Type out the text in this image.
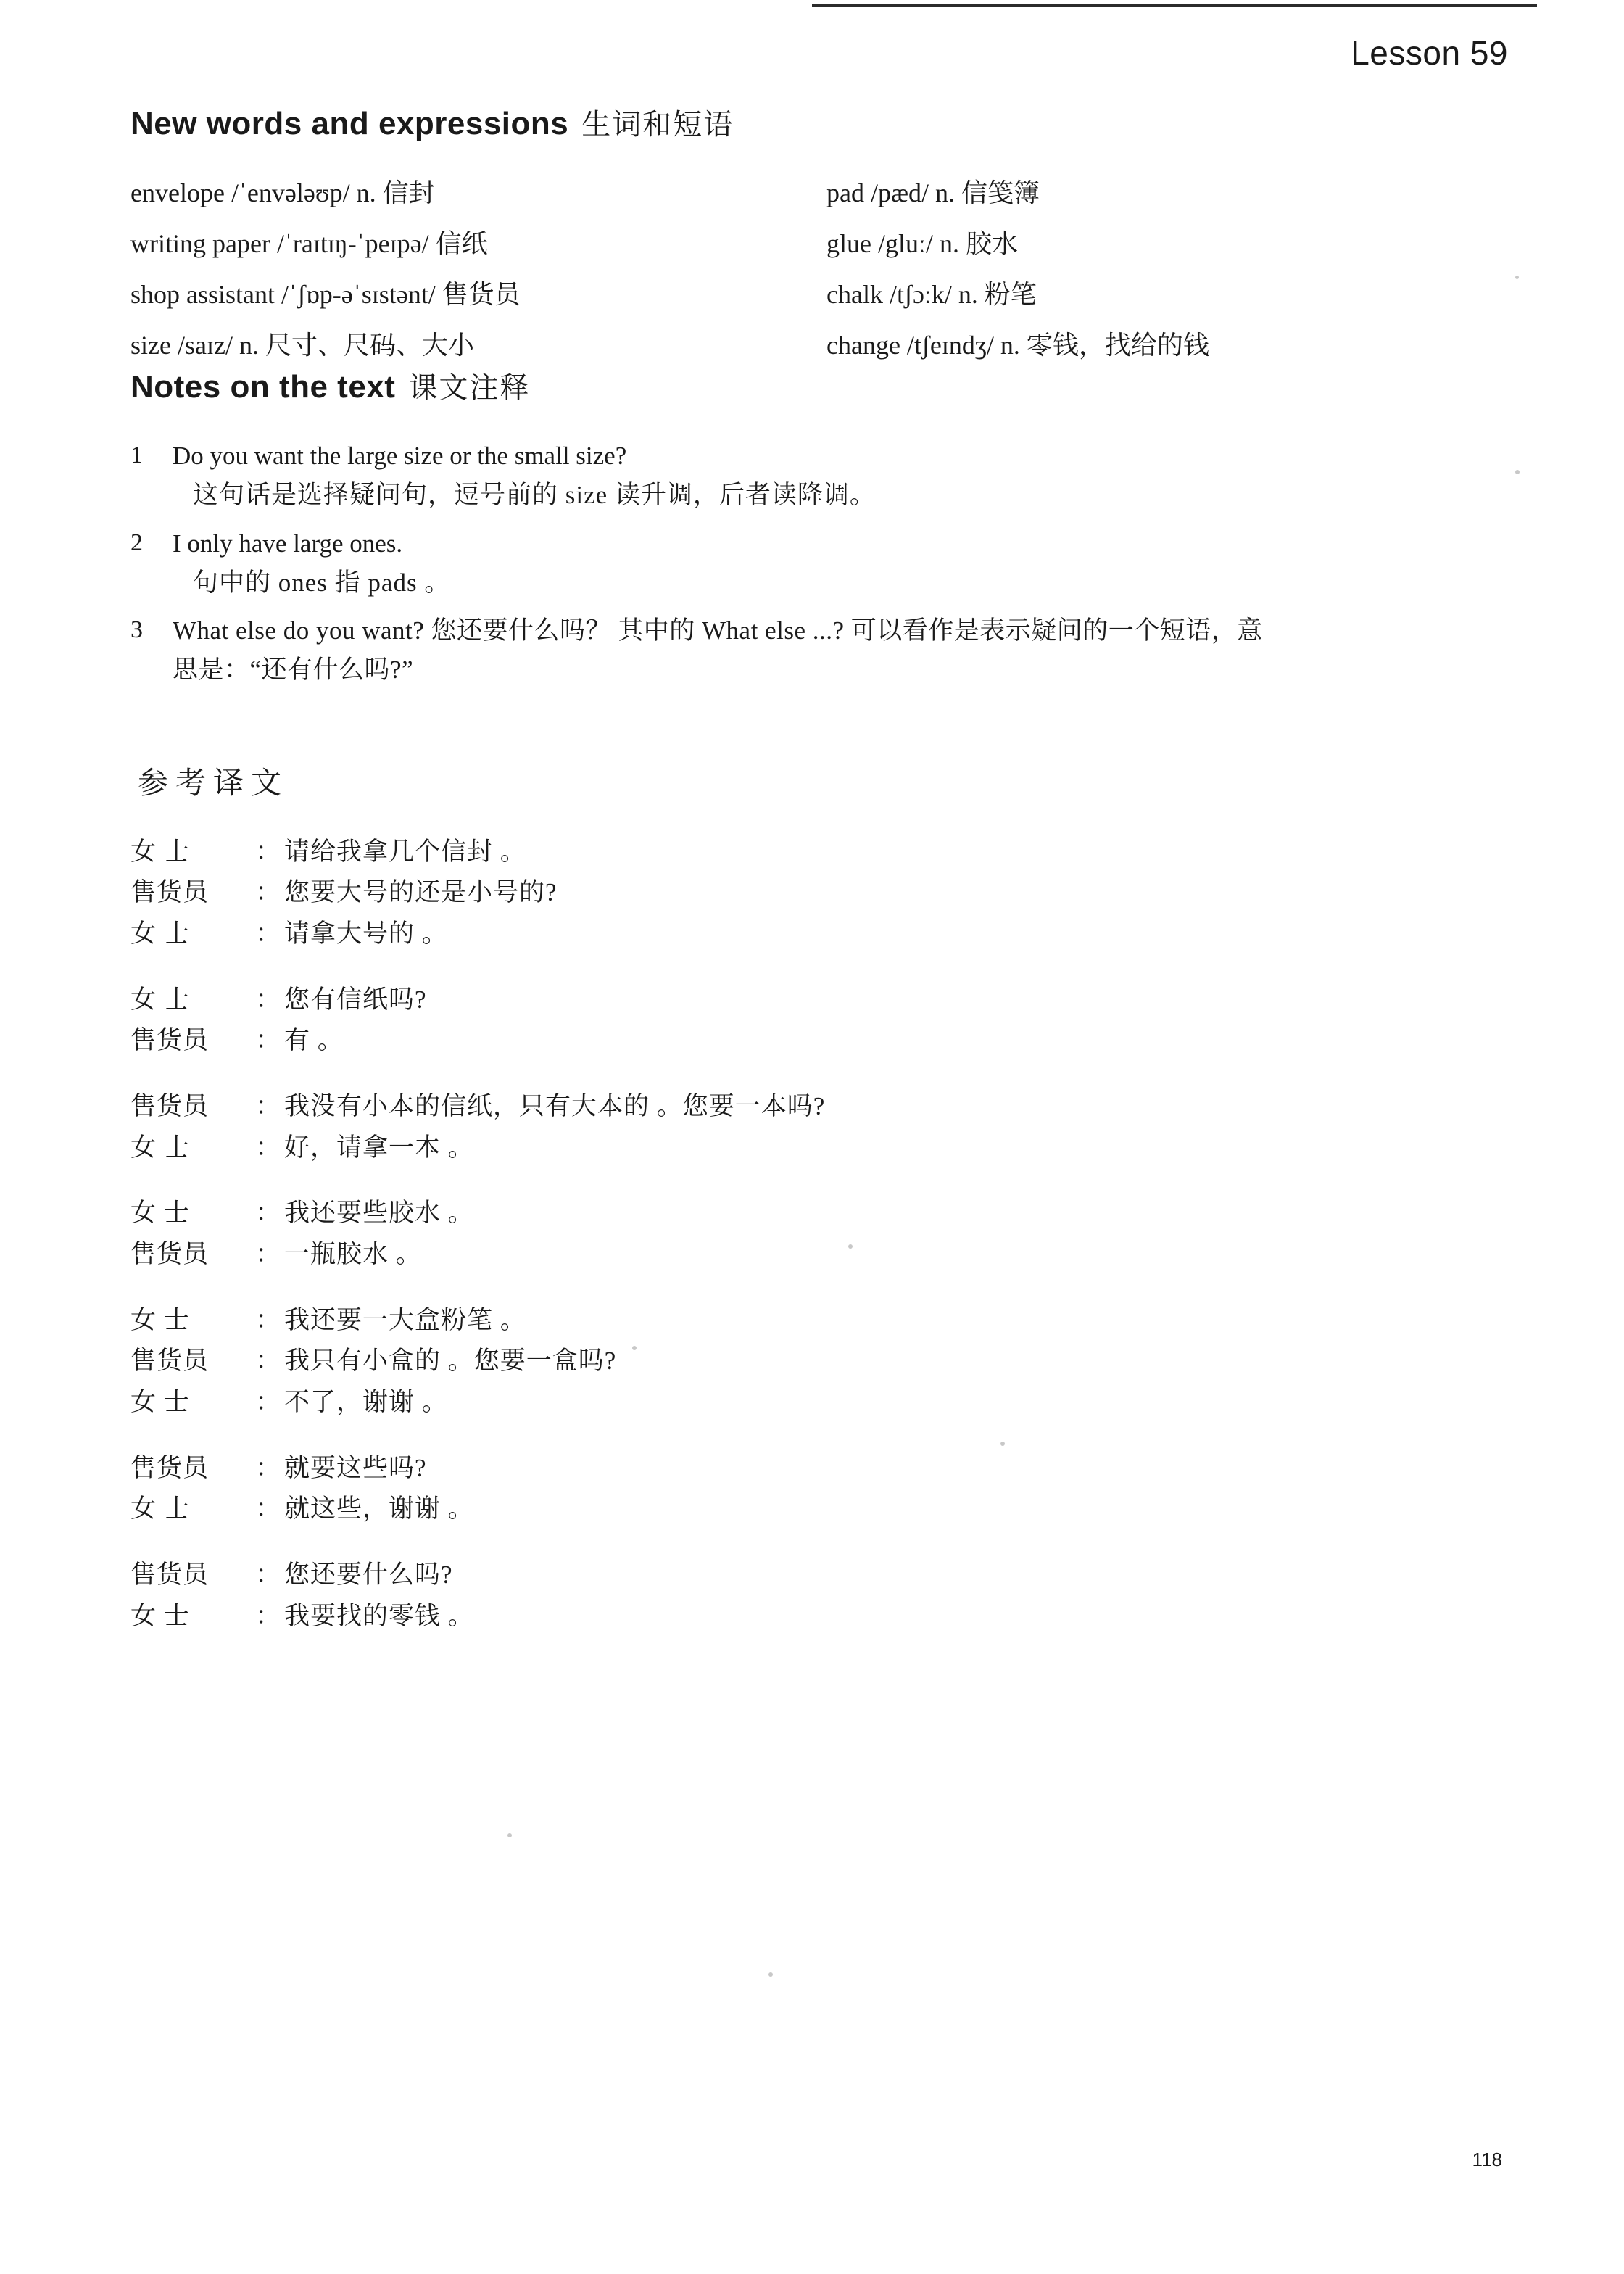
Lesson 59
New words and expressions 生词和短语
envelope /ˈenvələʊp/ n. 信封	pad /pæd/ n. 信笺簿
writing paper /ˈraɪtɪŋ-ˈpeɪpə/ 信纸	glue /gluː/ n. 胶水
shop assistant /ˈʃɒp-əˈsɪstənt/ 售货员	chalk /tʃɔːk/ n. 粉笔
size /saɪz/ n. 尺寸、尺码、大小	change /tʃeɪndʒ/ n. 零钱，找给的钱
Notes on the text 课文注释
1	Do you want the large size or the small size?
这句话是选择疑问句，逗号前的 size 读升调，后者读降调。
2	I only have large ones.
句中的 ones 指 pads 。
3	What else do you want? 您还要什么吗？ 其中的 What else ...? 可以看作是表示疑问的一个短语，意
思是：“还有什么吗?”
参考译文
女 士	： 请给我拿几个信封 。
售货员	： 您要大号的还是小号的?
女 士	： 请拿大号的 。
女 士	： 您有信纸吗?
售货员	： 有 。
售货员	： 我没有小本的信纸，只有大本的 。您要一本吗?
女 士	： 好，请拿一本 。
女 士	： 我还要些胶水 。
售货员	： 一瓶胶水 。
女 士	： 我还要一大盒粉笔 。
售货员	： 我只有小盒的 。您要一盒吗?
女 士	： 不了，谢谢 。
售货员	： 就要这些吗?
女 士	： 就这些，谢谢 。
售货员	： 您还要什么吗?
女 士	： 我要找的零钱 。
118
